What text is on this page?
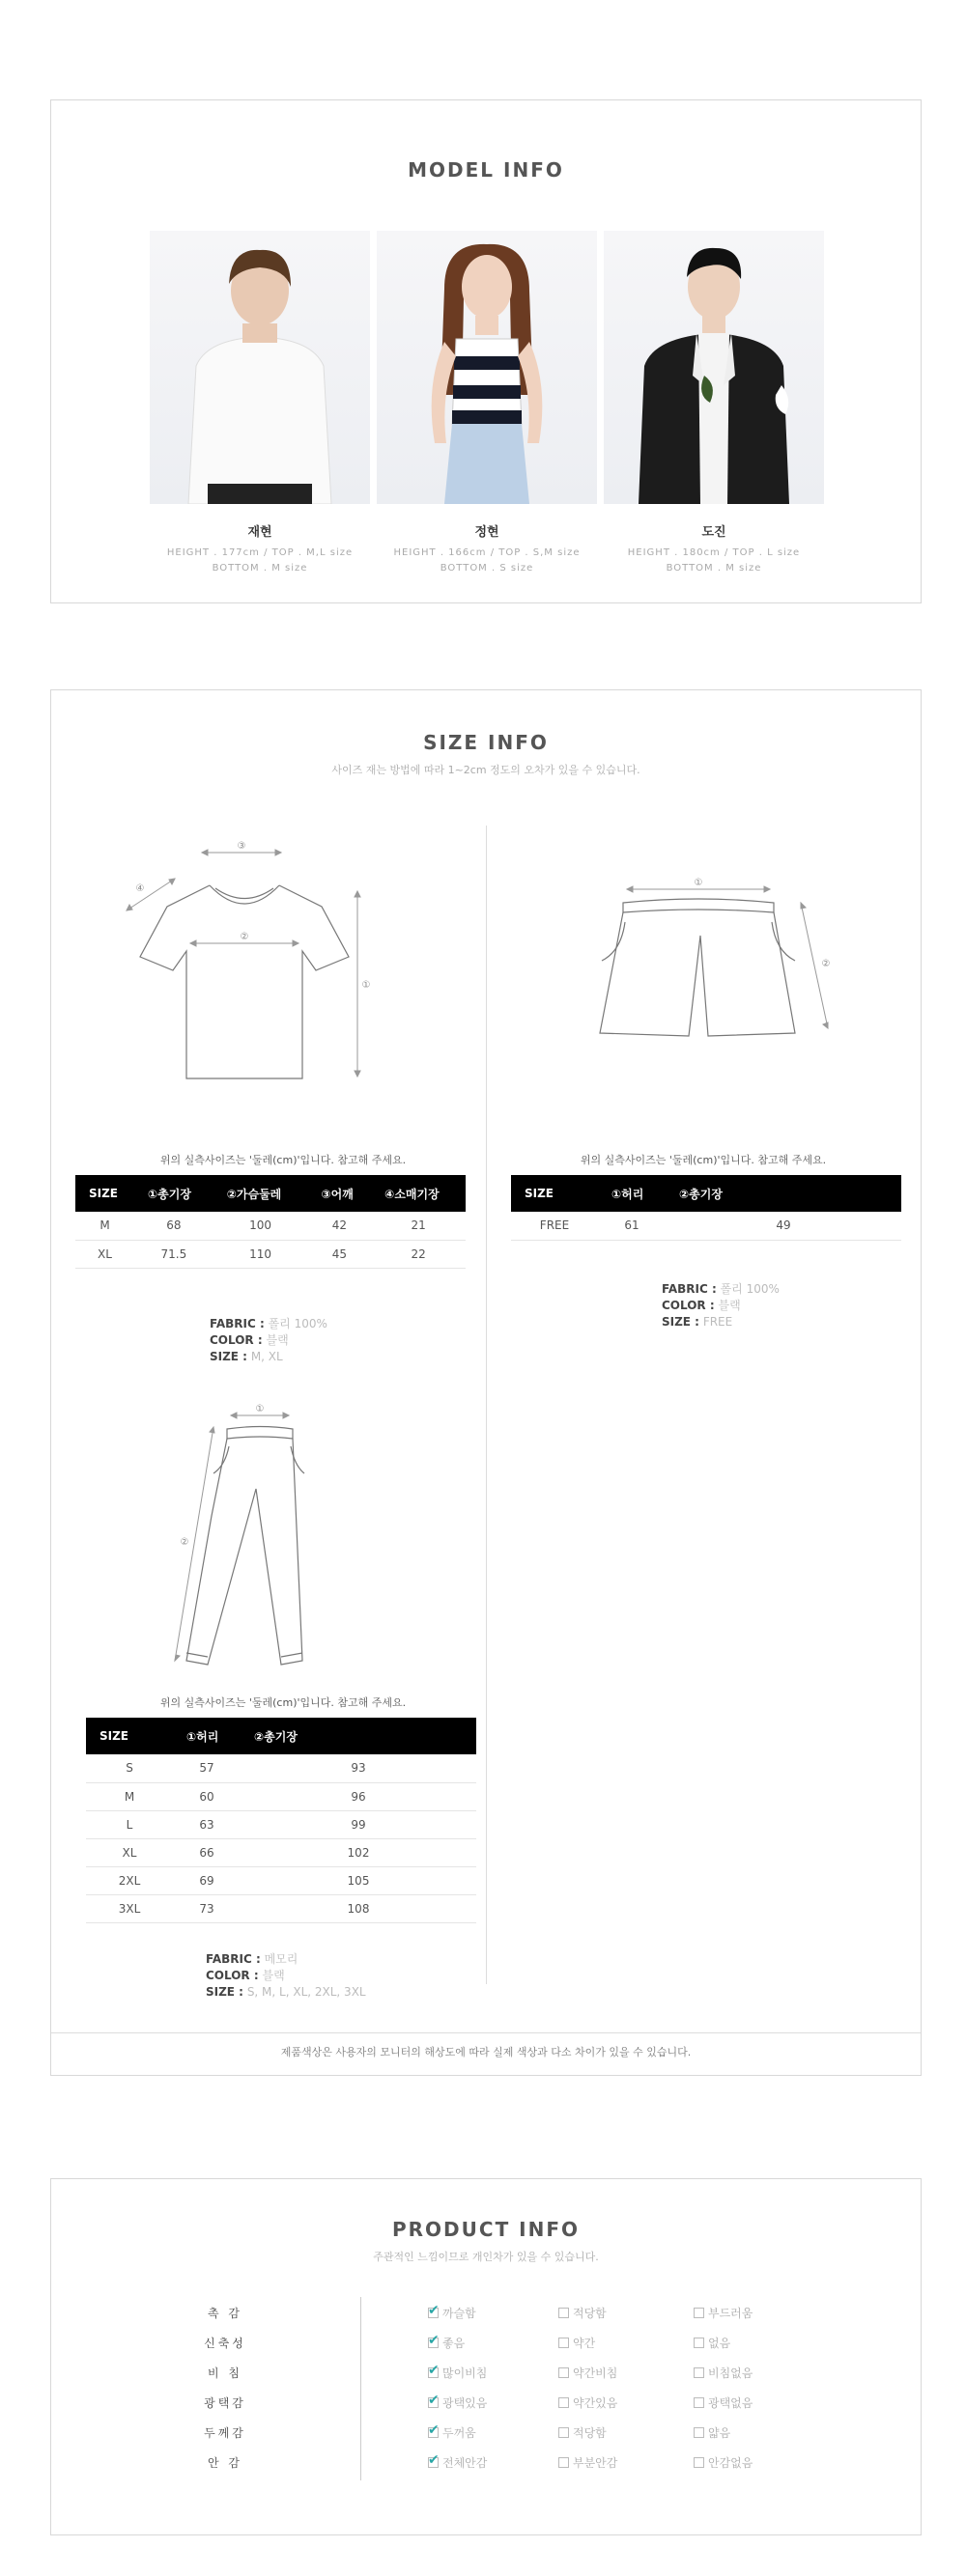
MODEL INFO
재현
HEIGHT . 177cm / TOP . M,L size
BOTTOM . M size
정현
HEIGHT . 166cm / TOP . S,M size
BOTTOM . S size
도진
HEIGHT . 180cm / TOP . L size
BOTTOM . M size
SIZE INFO
사이즈 재는 방법에 따라 1~2cm 정도의 오차가 있을 수 있습니다.
③
②
①
④
위의 실측사이즈는 '둘레(cm)'입니다. 참고해 주세요.
SIZE	①총기장	②가슴둘레	③어깨	④소매기장
M	68	100	42	21
XL	71.5	110	45	22
FABRIC : 폴리 100%
COLOR : 블랙
SIZE : M, XL
①
②
위의 실측사이즈는 '둘레(cm)'입니다. 참고해 주세요.
SIZE	①허리	②총기장
FREE	61	49
FABRIC : 폴리 100%
COLOR : 블랙
SIZE : FREE
①
②
위의 실측사이즈는 '둘레(cm)'입니다. 참고해 주세요.
SIZE	①허리	②총기장
S	57	93
M	60	96
L	63	99
XL	66	102
2XL	69	105
3XL	73	108
FABRIC : 메모리
COLOR : 블랙
SIZE : S, M, L, XL, 2XL, 3XL
제품색상은 사용자의 모니터의 해상도에 따라 실제 색상과 다소 차이가 있을 수 있습니다.
PRODUCT INFO
주관적인 느낌이므로 개인차가 있을 수 있습니다.
촉 감 ✔	까슬함	적당함	부드러움
신축성 ✔	좋음	약간	없음
비 침 ✔	많이비침	약간비침	비침없음
광택감 ✔	광택있음	약간있음	광택없음
두께감 ✔	두꺼움	적당함	얇음
안 감 ✔	전체안감	부분안감	안감없음
